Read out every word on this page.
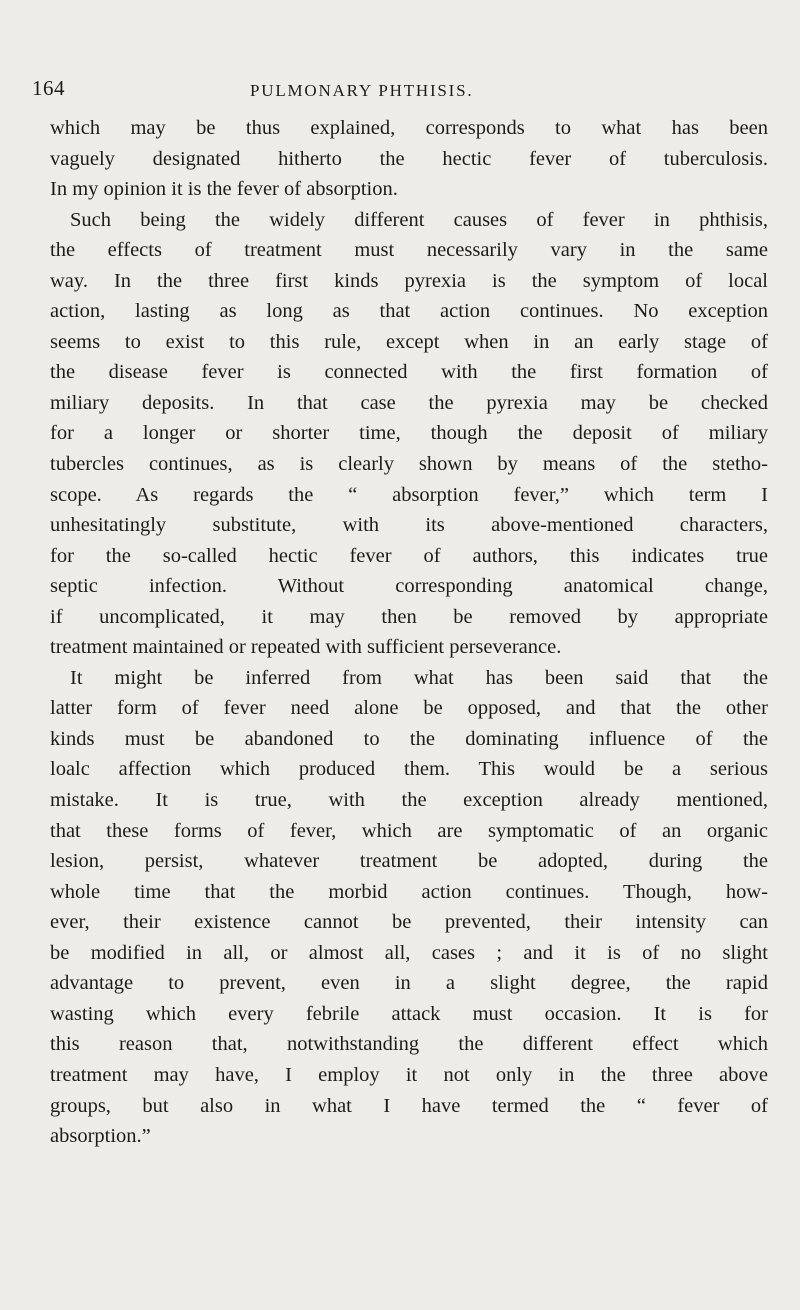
164	PULMONARY PHTHISIS.
which may be thus explained, corresponds to what has been
vaguely designated hitherto the hectic fever of tuberculosis.
In my opinion it is the fever of absorption.
Such being the widely different causes of fever in phthisis,
the effects of treatment must necessarily vary in the same
way. In the three first kinds pyrexia is the symptom of local
action, lasting as long as that action continues. No exception
seems to exist to this rule, except when in an early stage of
the disease fever is connected with the first formation of
miliary deposits. In that case the pyrexia may be checked
for a longer or shorter time, though the deposit of miliary
tubercles continues, as is clearly shown by means of the stetho-
scope. As regards the “ absorption fever,” which term I
unhesitatingly substitute, with its above-mentioned characters,
for the so-called hectic fever of authors, this indicates true
septic infection. Without corresponding anatomical change,
if uncomplicated, it may then be removed by appropriate
treatment maintained or repeated with sufficient perseverance.
It might be inferred from what has been said that the
latter form of fever need alone be opposed, and that the other
kinds must be abandoned to the dominating influence of the
loalc affection which produced them. This would be a serious
mistake. It is true, with the exception already mentioned,
that these forms of fever, which are symptomatic of an organic
lesion, persist, whatever treatment be adopted, during the
whole time that the morbid action continues. Though, how-
ever, their existence cannot be prevented, their intensity can
be modified in all, or almost all, cases ; and it is of no slight
advantage to prevent, even in a slight degree, the rapid
wasting which every febrile attack must occasion. It is for
this reason that, notwithstanding the different effect which
treatment may have, I employ it not only in the three above
groups, but also in what I have termed the “ fever of
absorption.”
